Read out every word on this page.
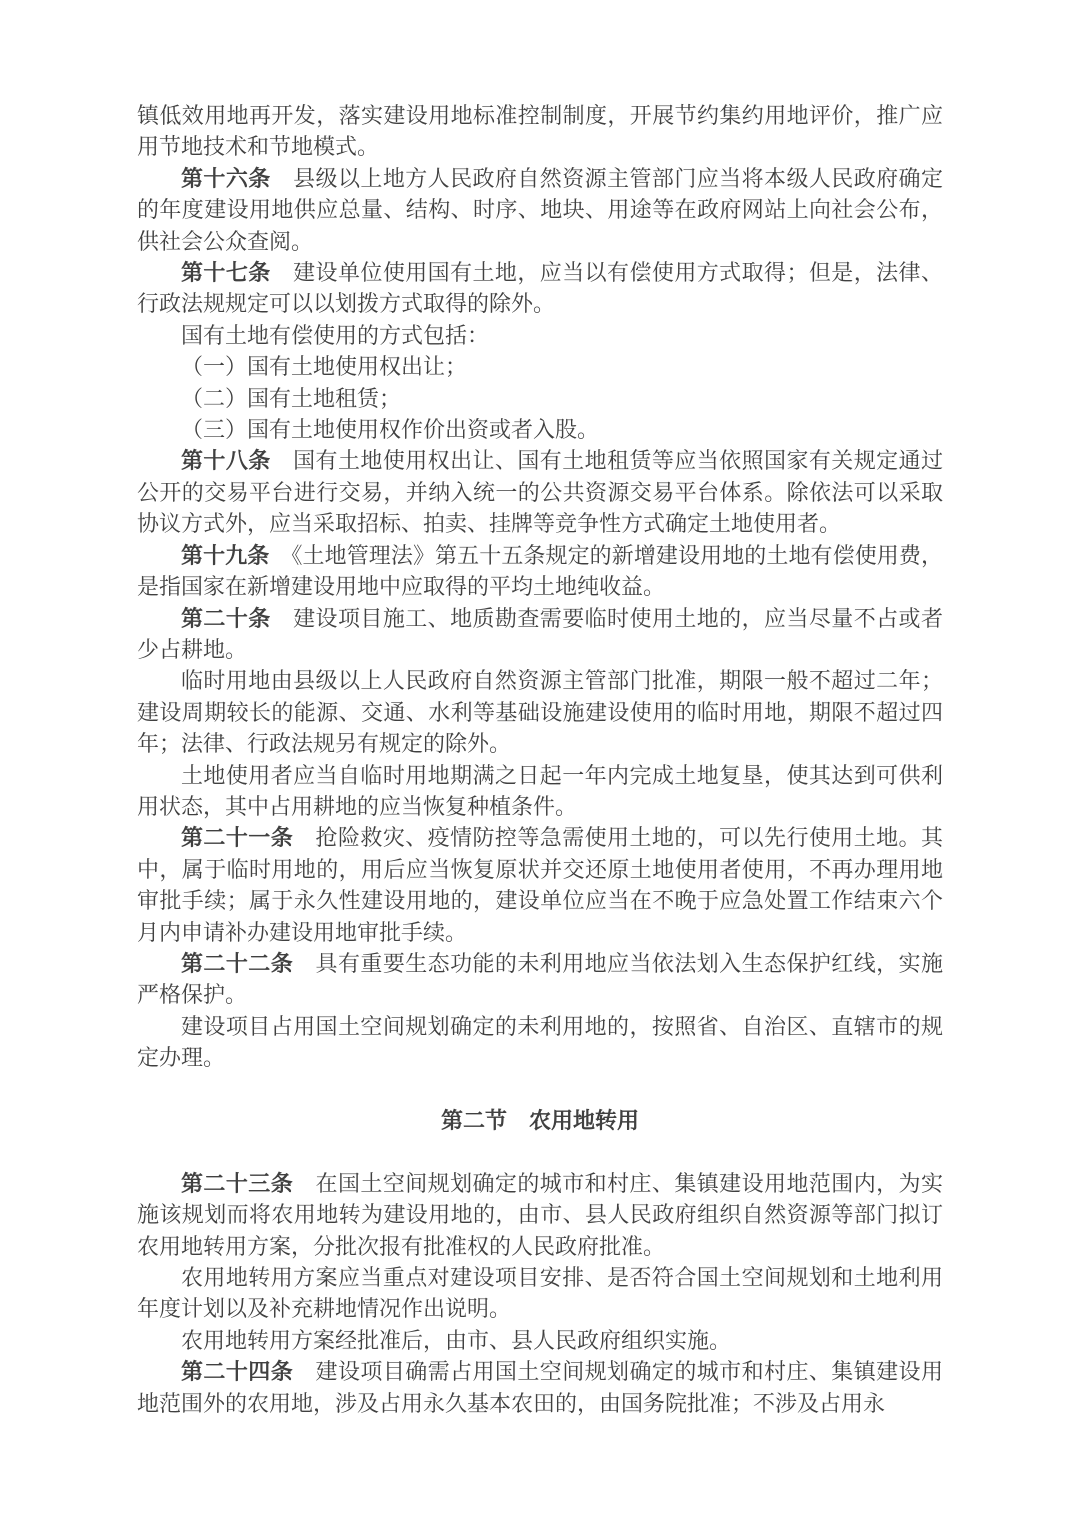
镇低效用地再开发，落实建设用地标准控制制度，开展节约集约用地评价，推广应用节地技术和节地模式。

第十六条　县级以上地方人民政府自然资源主管部门应当将本级人民政府确定的年度建设用地供应总量、结构、时序、地块、用途等在政府网站上向社会公布，供社会公众查阅。

第十七条　建设单位使用国有土地，应当以有偿使用方式取得；但是，法律、行政法规规定可以以划拨方式取得的除外。

国有土地有偿使用的方式包括：

（一）国有土地使用权出让；

（二）国有土地租赁；

（三）国有土地使用权作价出资或者入股。

第十八条　国有土地使用权出让、国有土地租赁等应当依照国家有关规定通过公开的交易平台进行交易，并纳入统一的公共资源交易平台体系。除依法可以采取协议方式外，应当采取招标、拍卖、挂牌等竞争性方式确定土地使用者。

第十九条　《土地管理法》第五十五条规定的新增建设用地的土地有偿使用费，是指国家在新增建设用地中应取得的平均土地纯收益。

第二十条　建设项目施工、地质勘查需要临时使用土地的，应当尽量不占或者少占耕地。

临时用地由县级以上人民政府自然资源主管部门批准，期限一般不超过二年；建设周期较长的能源、交通、水利等基础设施建设使用的临时用地，期限不超过四年；法律、行政法规另有规定的除外。

土地使用者应当自临时用地期满之日起一年内完成土地复垦，使其达到可供利用状态，其中占用耕地的应当恢复种植条件。

第二十一条　抢险救灾、疫情防控等急需使用土地的，可以先行使用土地。其中，属于临时用地的，用后应当恢复原状并交还原土地使用者使用，不再办理用地审批手续；属于永久性建设用地的，建设单位应当在不晚于应急处置工作结束六个月内申请补办建设用地审批手续。

第二十二条　具有重要生态功能的未利用地应当依法划入生态保护红线，实施严格保护。

建设项目占用国土空间规划确定的未利用地的，按照省、自治区、直辖市的规定办理。

第二节　农用地转用

第二十三条　在国土空间规划确定的城市和村庄、集镇建设用地范围内，为实施该规划而将农用地转为建设用地的，由市、县人民政府组织自然资源等部门拟订农用地转用方案，分批次报有批准权的人民政府批准。

农用地转用方案应当重点对建设项目安排、是否符合国土空间规划和土地利用年度计划以及补充耕地情况作出说明。

农用地转用方案经批准后，由市、县人民政府组织实施。

第二十四条　建设项目确需占用国土空间规划确定的城市和村庄、集镇建设用地范围外的农用地，涉及占用永久基本农田的，由国务院批准；不涉及占用永
